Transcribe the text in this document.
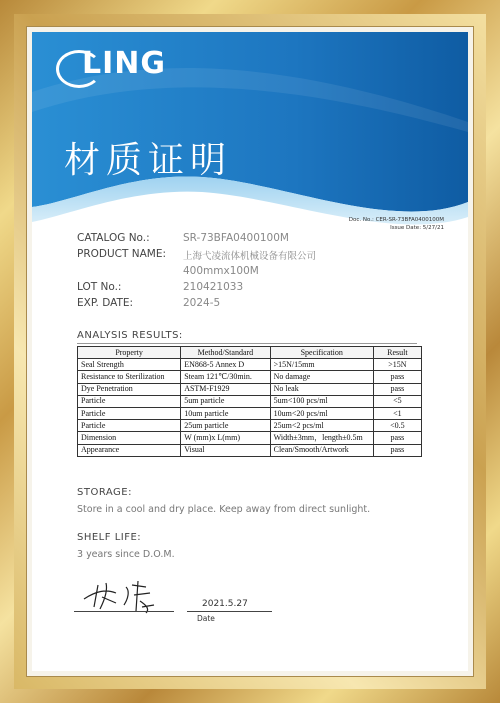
LING
材质证明
Doc. No.: CER-SR-73BFA0400100M
Issue Date: 5/27/21
CATALOG No.:	SR-73BFA0400100M
PRODUCT NAME: 上海弋凌流体机械设备有限公司
400mmx100M
LOT No.:	210421033
EXP. DATE:	2024-5
ANALYSIS RESULTS:
Property	Method/Standard	Specification	Result
Seal Strength	EN868-5 Annex D	>15N/15mm	>15N
Resistance to Sterilization	Steam 121℃/30min.	No damage	pass
Dye Penetration	ASTM-F1929	No leak	pass
Particle	5um particle	5um<100 pcs/ml	<5
Particle	10um particle	10um<20 pcs/ml	<1
Particle	25um particle	25um<2 pcs/ml	<0.5
Dimension	W (mm)x L(mm)	Width±3mm，length±0.5m	pass
Appearance	Visual	Clean/Smooth/Artwork	pass
STORAGE:
Store in a cool and dry place. Keep away from direct sunlight.
SHELF LIFE:
3 years since D.O.M.
2021.5.27
Date
